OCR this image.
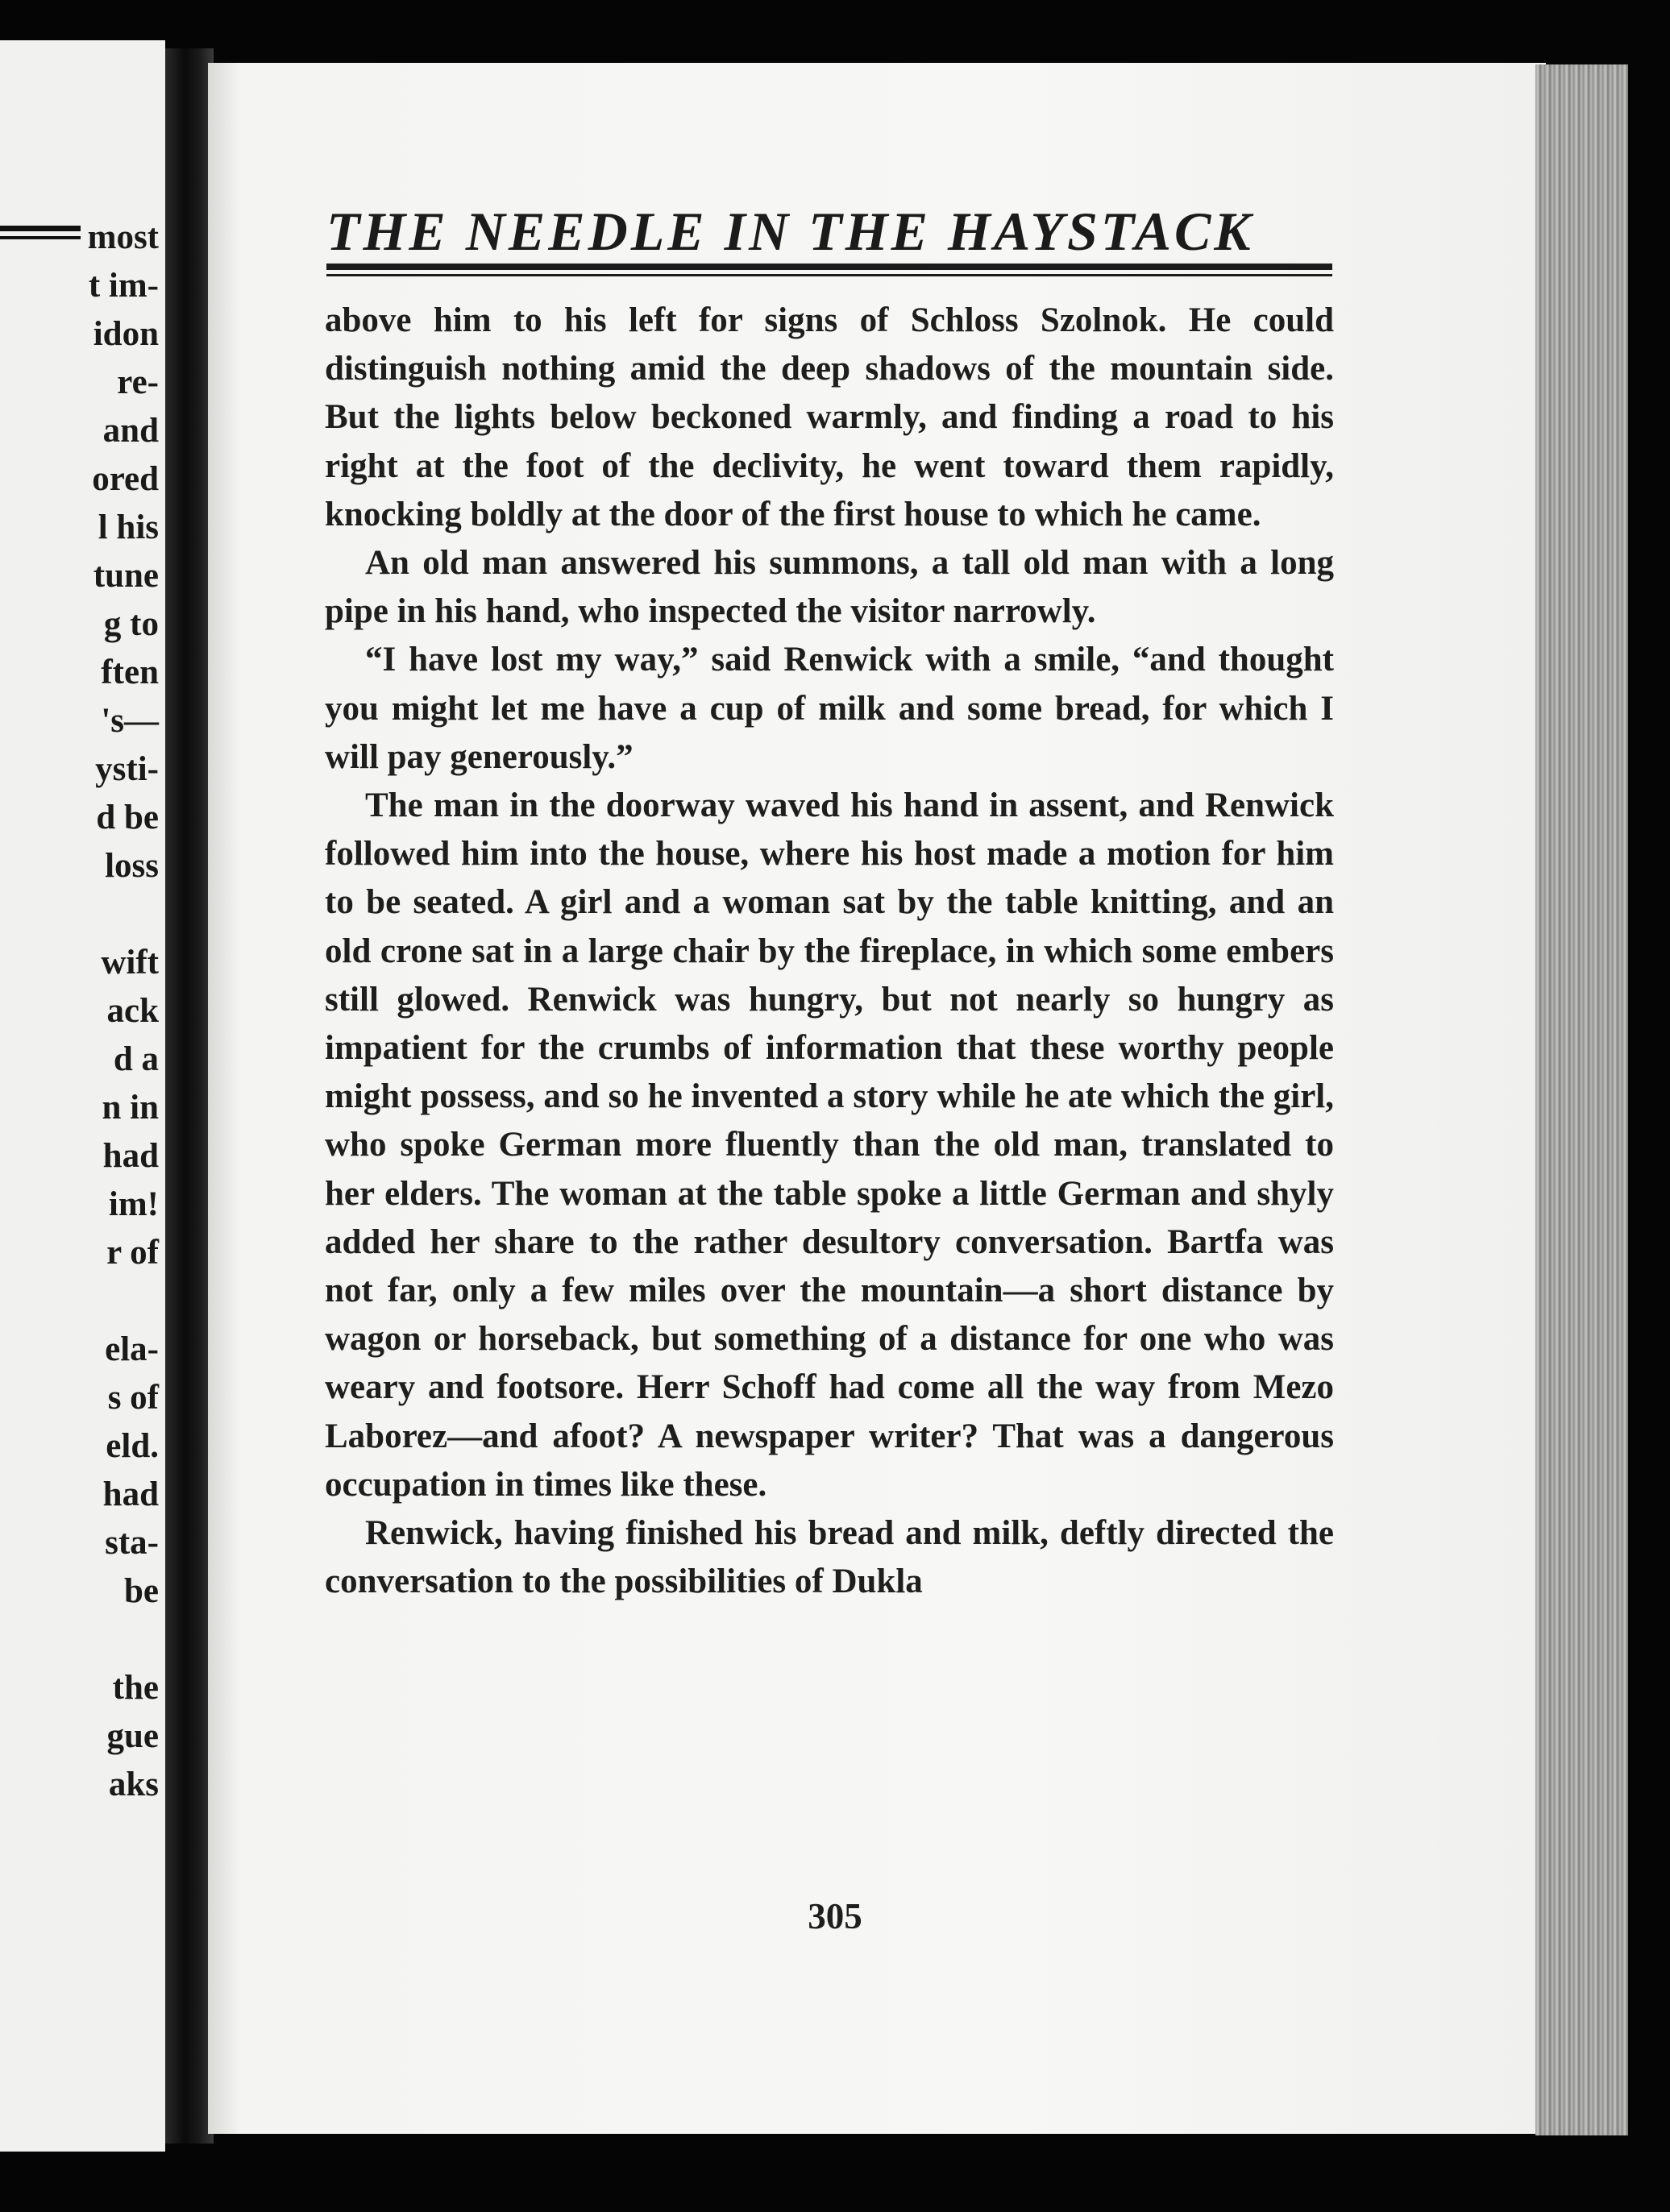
most
t im-
idon
re-
and
ored
l his
tune
g to
ften
's—
ysti-
d be
loss
wift
ack
d a
n in
had
im!
r of
ela-
s of
eld.
had
sta-
be
the
gue
aks
THE NEEDLE IN THE HAYSTACK

above him to his left for signs of Schloss Szolnok. He could distinguish nothing amid the deep shadows of the mountain side. But the lights below beckoned warmly, and finding a road to his right at the foot of the declivity, he went toward them rapidly, knocking boldly at the door of the first house to which he came.

An old man answered his summons, a tall old man with a long pipe in his hand, who inspected the visitor narrowly.

“I have lost my way,” said Renwick with a smile, “and thought you might let me have a cup of milk and some bread, for which I will pay generously.”

The man in the doorway waved his hand in assent, and Renwick followed him into the house, where his host made a motion for him to be seated. A girl and a woman sat by the table knitting, and an old crone sat in a large chair by the fireplace, in which some embers still glowed. Renwick was hungry, but not nearly so hungry as impatient for the crumbs of information that these worthy people might possess, and so he invented a story while he ate which the girl, who spoke German more fluently than the old man, translated to her elders. The woman at the table spoke a little German and shyly added her share to the rather desultory conversation. Bartfa was not far, only a few miles over the mountain—a short distance by wagon or horseback, but something of a distance for one who was weary and footsore. Herr Schoff had come all the way from Mezo Laborez—and afoot? A newspaper writer? That was a dangerous occupation in times like these.

Renwick, having finished his bread and milk, deftly directed the conversation to the possibilities of Dukla

305
